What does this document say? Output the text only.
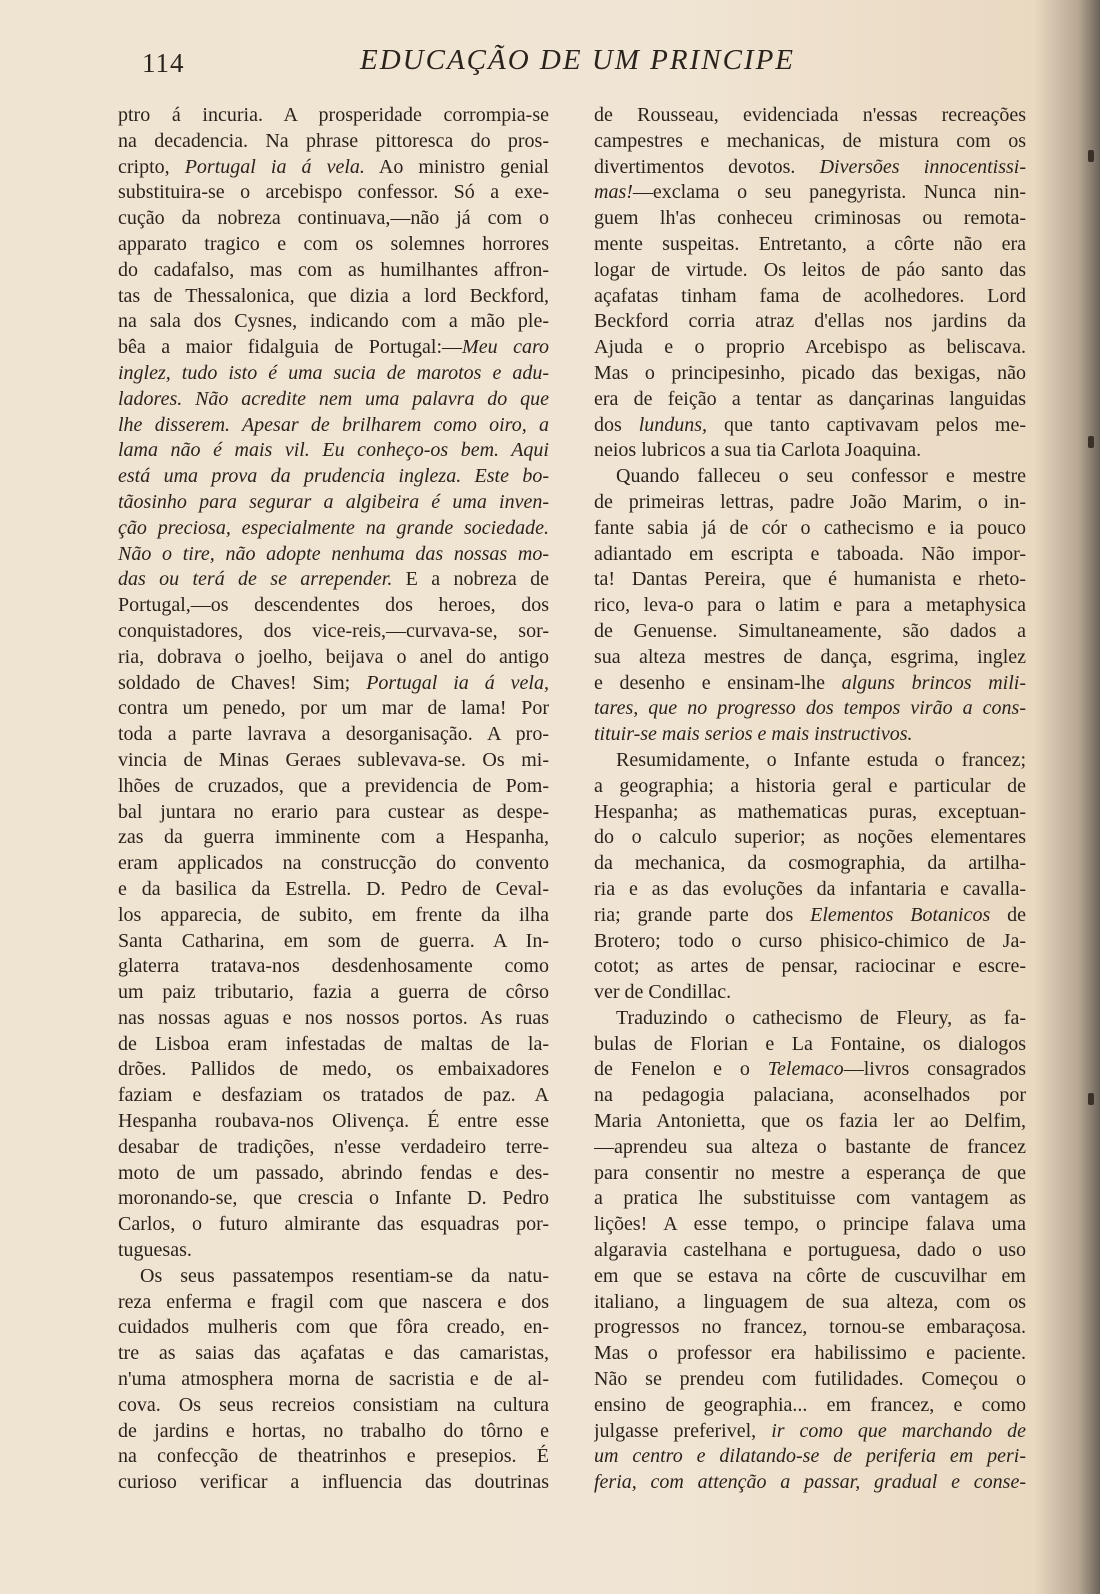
114	EDUCAÇÃO DE UM PRINCIPE
ptro á incuria. A prosperidade corrompia-se
na decadencia. Na phrase pittoresca do pros-
cripto, Portugal ia á vela. Ao ministro genial
substituira-se o arcebispo confessor. Só a exe-
cução da nobreza continuava,—não já com o
apparato tragico e com os solemnes horrores
do cadafalso, mas com as humilhantes affron-
tas de Thessalonica, que dizia a lord Beckford,
na sala dos Cysnes, indicando com a mão ple-
bêa a maior fidalguia de Portugal:—Meu caro
inglez, tudo isto é uma sucia de marotos e adu-
ladores. Não acredite nem uma palavra do que
lhe disserem. Apesar de brilharem como oiro, a
lama não é mais vil. Eu conheço-os bem. Aqui
está uma prova da prudencia ingleza. Este bo-
tãosinho para segurar a algibeira é uma inven-
ção preciosa, especialmente na grande sociedade.
Não o tire, não adopte nenhuma das nossas mo-
das ou terá de se arrepender. E a nobreza de
Portugal,—os descendentes dos heroes, dos
conquistadores, dos vice-reis,—curvava-se, sor-
ria, dobrava o joelho, beijava o anel do antigo
soldado de Chaves! Sim; Portugal ia á vela,
contra um penedo, por um mar de lama! Por
toda a parte lavrava a desorganisação. A pro-
vincia de Minas Geraes sublevava-se. Os mi-
lhões de cruzados, que a previdencia de Pom-
bal juntara no erario para custear as despe-
zas da guerra imminente com a Hespanha,
eram applicados na construcção do convento
e da basilica da Estrella. D. Pedro de Ceval-
los apparecia, de subito, em frente da ilha
Santa Catharina, em som de guerra. A In-
glaterra tratava-nos desdenhosamente como
um paiz tributario, fazia a guerra de côrso
nas nossas aguas e nos nossos portos. As ruas
de Lisboa eram infestadas de maltas de la-
drões. Pallidos de medo, os embaixadores
faziam e desfaziam os tratados de paz. A
Hespanha roubava-nos Olivença. É entre esse
desabar de tradições, n'esse verdadeiro terre-
moto de um passado, abrindo fendas e des-
moronando-se, que crescia o Infante D. Pedro
Carlos, o futuro almirante das esquadras por-
tuguesas.
Os seus passatempos resentiam-se da natu-
reza enferma e fragil com que nascera e dos
cuidados mulheris com que fôra creado, en-
tre as saias das açafatas e das camaristas,
n'uma atmosphera morna de sacristia e de al-
cova. Os seus recreios consistiam na cultura
de jardins e hortas, no trabalho do tôrno e
na confecção de theatrinhos e presepios. É
curioso verificar a influencia das doutrinas
de Rousseau, evidenciada n'essas recreações
campestres e mechanicas, de mistura com os
divertimentos devotos. Diversões innocentissi-
mas!—exclama o seu panegyrista. Nunca nin-
guem lh'as conheceu criminosas ou remota-
mente suspeitas. Entretanto, a côrte não era
logar de virtude. Os leitos de páo santo das
açafatas tinham fama de acolhedores. Lord
Beckford corria atraz d'ellas nos jardins da
Ajuda e o proprio Arcebispo as beliscava.
Mas o principesinho, picado das bexigas, não
era de feição a tentar as dançarinas languidas
dos lunduns, que tanto captivavam pelos me-
neios lubricos a sua tia Carlota Joaquina.
Quando falleceu o seu confessor e mestre
de primeiras lettras, padre João Marim, o in-
fante sabia já de cór o cathecismo e ia pouco
adiantado em escripta e taboada. Não impor-
ta! Dantas Pereira, que é humanista e rheto-
rico, leva-o para o latim e para a metaphysica
de Genuense. Simultaneamente, são dados a
sua alteza mestres de dança, esgrima, inglez
e desenho e ensinam-lhe alguns brincos mili-
tares, que no progresso dos tempos virão a cons-
tituir-se mais serios e mais instructivos.
Resumidamente, o Infante estuda o francez;
a geographia; a historia geral e particular de
Hespanha; as mathematicas puras, exceptuan-
do o calculo superior; as noções elementares
da mechanica, da cosmographia, da artilha-
ria e as das evoluções da infantaria e cavalla-
ria; grande parte dos Elementos Botanicos de
Brotero; todo o curso phisico-chimico de Ja-
cotot; as artes de pensar, raciocinar e escre-
ver de Condillac.
Traduzindo o cathecismo de Fleury, as fa-
bulas de Florian e La Fontaine, os dialogos
de Fenelon e o Telemaco—livros consagrados
na pedagogia palaciana, aconselhados por
Maria Antonietta, que os fazia ler ao Delfim,
—aprendeu sua alteza o bastante de francez
para consentir no mestre a esperança de que
a pratica lhe substituisse com vantagem as
lições! A esse tempo, o principe falava uma
algaravia castelhana e portuguesa, dado o uso
em que se estava na côrte de cuscuvilhar em
italiano, a linguagem de sua alteza, com os
progressos no francez, tornou-se embaraçosa.
Mas o professor era habilissimo e paciente.
Não se prendeu com futilidades. Começou o
ensino de geographia... em francez, e como
julgasse preferivel, ir como que marchando de
um centro e dilatando-se de periferia em peri-
feria, com attenção a passar, gradual e conse-
